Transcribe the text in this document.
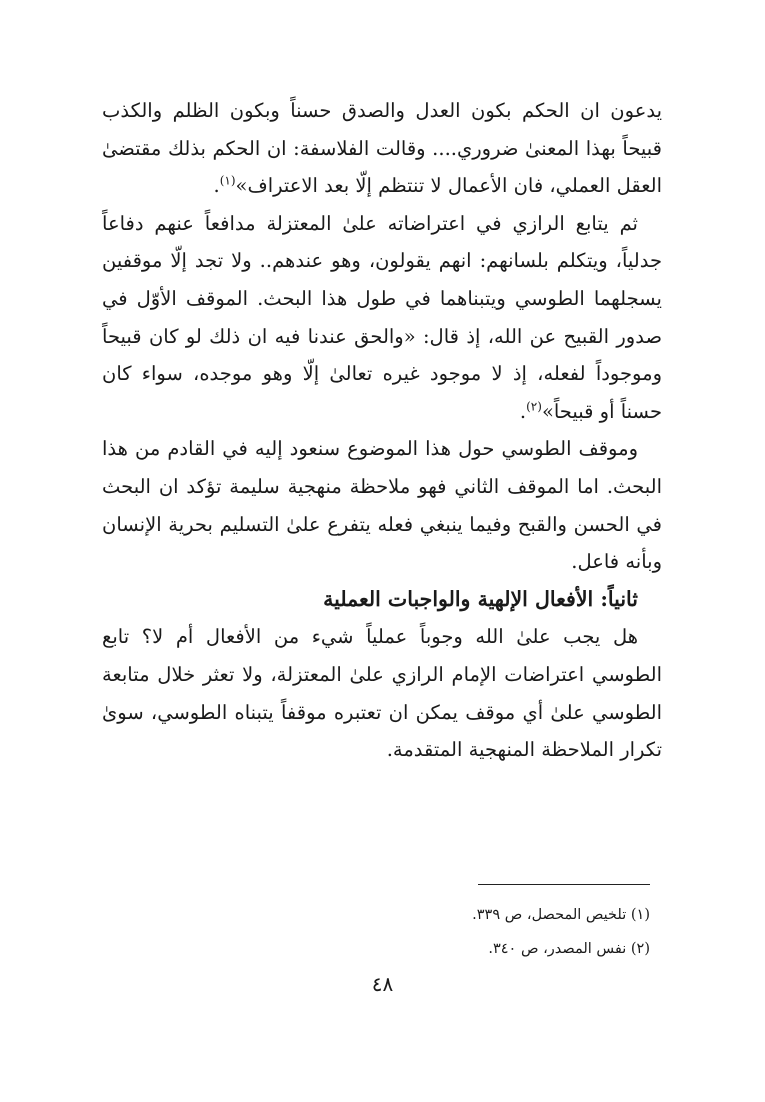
يدعون ان الحكم بكون العدل والصدق حسناً وبكون الظلم والكذب قبيحاً بهذا المعنىٰ ضروري.... وقالت الفلاسفة: ان الحكم بذلك مقتضىٰ العقل العملي، فان الأعمال لا تنتظم إلّا بعد الاعتراف»$^{(١)}$.

ثم يتابع الرازي في اعتراضاته علىٰ المعتزلة مدافعاً عنهم دفاعاً جدلياً، ويتكلم بلسانهم: انهم يقولون، وهو عندهم.. ولا تجد إلّا موقفين يسجلهما الطوسي ويتبناهما في طول هذا البحث. الموقف الأوّل في صدور القبيح عن الله، إذ قال: «والحق عندنا فيه ان ذلك لو كان قبيحاً وموجوداً لفعله، إذ لا موجود غيره تعالىٰ إلّا وهو موجده، سواء كان حسناً أو قبيحاً»$^{(٢)}$.

وموقف الطوسي حول هذا الموضوع سنعود إليه في القادم من هذا البحث. اما الموقف الثاني فهو ملاحظة منهجية سليمة تؤكد ان البحث في الحسن والقبح وفيما ينبغي فعله يتفرع علىٰ التسليم بحرية الإنسان وبأنه فاعل.

ثانياً: الأفعال الإلهية والواجبات العملية

هل يجب علىٰ الله وجوباً عملياً شيء من الأفعال أم لا؟ تابع الطوسي اعتراضات الإمام الرازي علىٰ المعتزلة، ولا تعثر خلال متابعة الطوسي علىٰ أي موقف يمكن ان تعتبره موقفاً يتبناه الطوسي، سوىٰ تكرار الملاحظة المنهجية المتقدمة.

(١) تلخيص المحصل، ص ٣٣٩.
(٢) نفس المصدر، ص ٣٤٠.
٤٨
